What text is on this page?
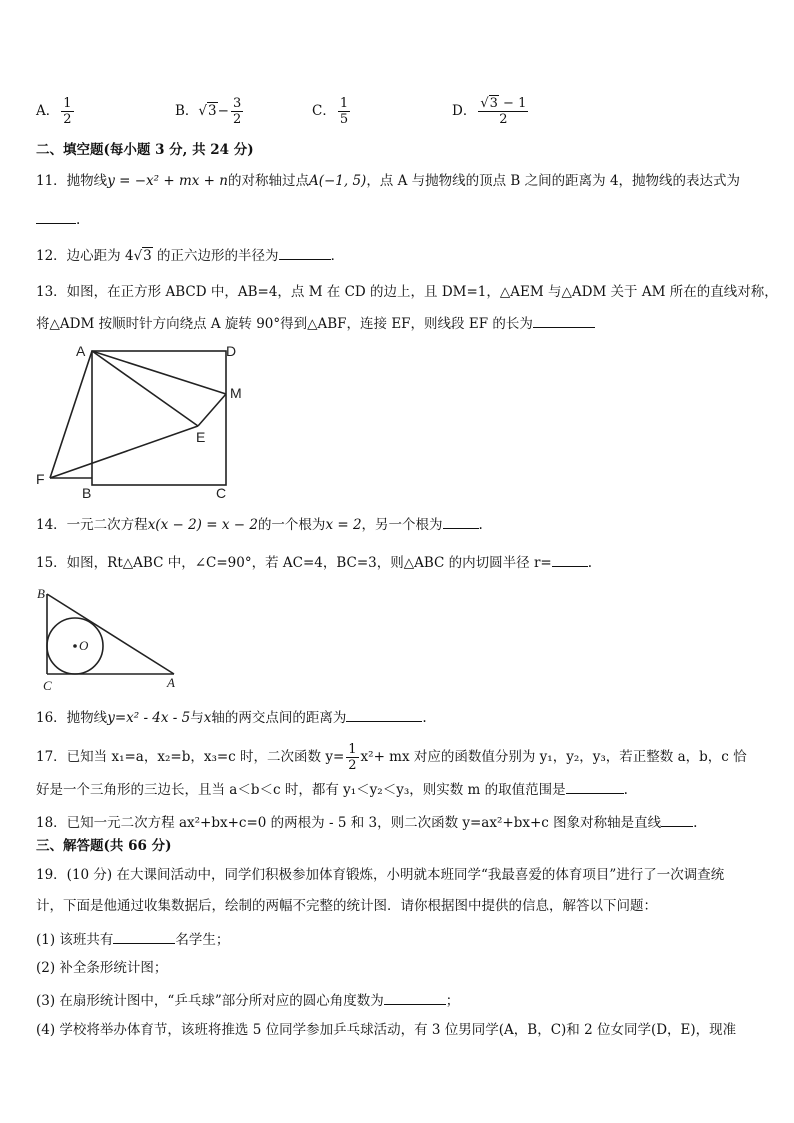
A． $\frac{1}{2}$	B．$√3- \frac{3}{2}$	C． $\frac{1}{5}$	D． $\frac{√3 - 1}{2}$
二、填空题(每小题 3 分, 共 24 分)
11．抛物线y = −x² + mx + n的对称轴过点A(−1, 5)，点 A 与抛物线的顶点 B 之间的距离为 4，抛物线的表达式为
.
12．边心距为 4√3 的正六边形的半径为	．
13．如图，在正方形 ABCD 中，AB=4，点 M 在 CD 的边上，且 DM=1，△AEM 与△ADM 关于 AM 所在的直线对称，
将△ADM 按顺时针方向绕点 A 旋转 90°得到△ABF，连接 EF，则线段 EF 的长为
A	D
M
E
F
B	C
14．一元二次方程x(x − 2) = x − 2的一个根为x = 2，另一个根为	.
15．如图，Rt△ABC 中，∠C=90°，若 AC=4，BC=3，则△ABC 的内切圆半径 r=	.
B
O
C	A
16．抛物线y=x² - 4x - 5与x轴的两交点间的距离为	.
17．已知当 x₁=a，x₂=b，x₃=c 时，二次函数 $y= \frac{1}{2} x^2+$ mx 对应的函数值分别为 y₁，y₂，y₃，若正整数 a，b，c 恰
好是一个三角形的三边长，且当 a＜b＜c 时，都有 y₁＜y₂＜y₃，则实数 m 的取值范围是	.
18．已知一元二次方程 ax²+bx+c=0 的两根为 - 5 和 3，则二次函数 y=ax²+bx+c 图象对称轴是直线 .
三、解答题(共 66 分)
19．(10 分) 在大课间活动中，同学们积极参加体育锻炼，小明就本班同学“我最喜爱的体育项目”进行了一次调查统
计，下面是他通过收集数据后，绘制的两幅不完整的统计图．请你根据图中提供的信息，解答以下问题：
(1) 该班共有	名学生；
(2) 补全条形统计图；
(3) 在扇形统计图中，“乒乓球”部分所对应的圆心角度数为	；
(4) 学校将举办体育节，该班将推选 5 位同学参加乒乓球活动，有 3 位男同学(A，B，C)和 2 位女同学(D，E)，现准
